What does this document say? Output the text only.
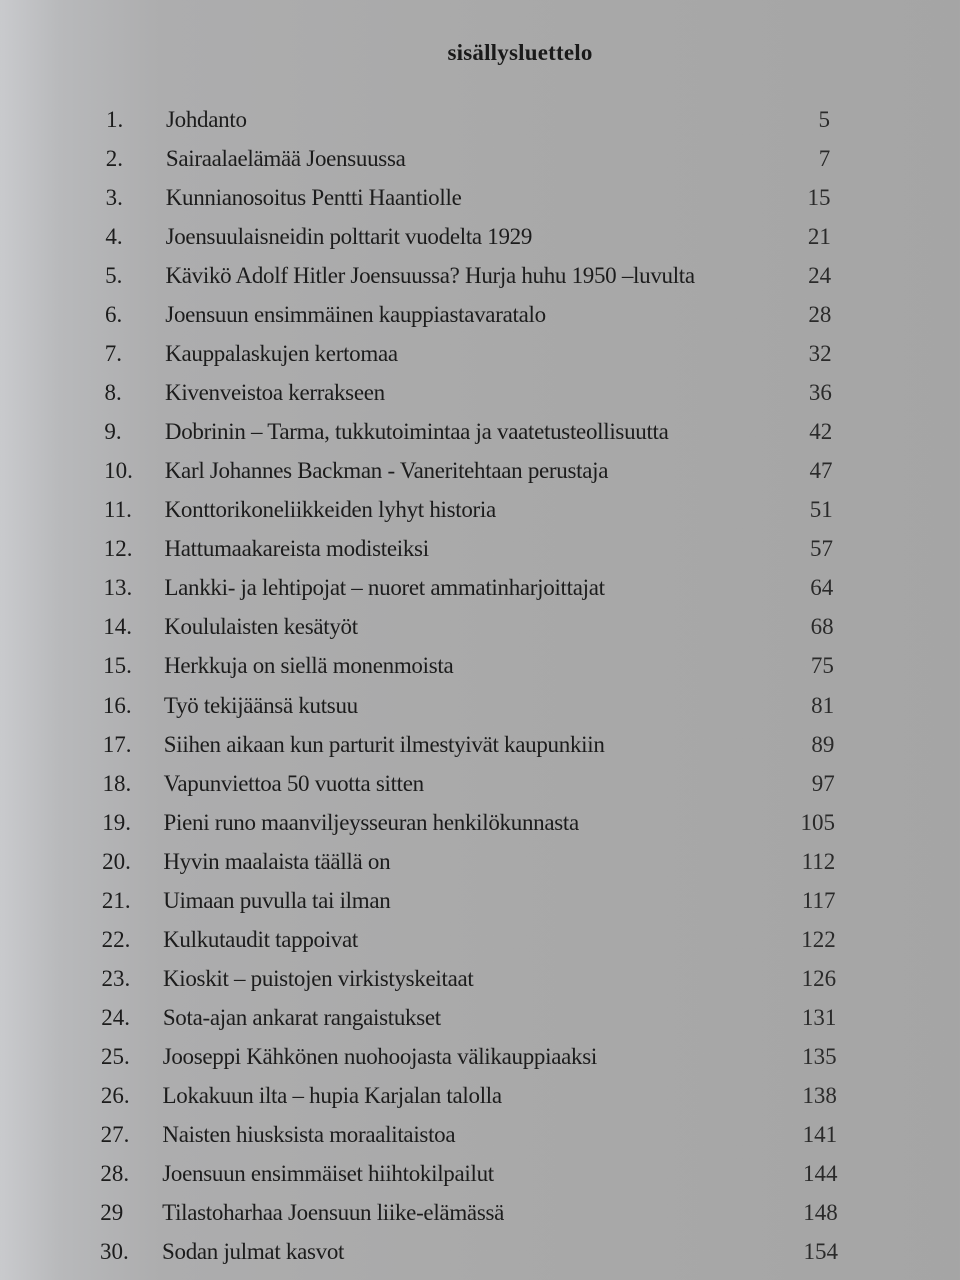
sisällysluettelo
1. Johdanto	5
2. Sairaalaelämää Joensuussa	7
3. Kunnianosoitus Pentti Haantiolle	15
4. Joensuulaisneidin polttarit vuodelta 1929	21
5. Kävikö Adolf Hitler Joensuussa? Hurja huhu 1950 –luvulta	24
6. Joensuun ensimmäinen kauppiastavaratalo	28
7. Kauppalaskujen kertomaa	32
8. Kivenveistoa kerrakseen	36
9. Dobrinin – Tarma, tukkutoimintaa ja vaatetusteollisuutta	42
10. Karl Johannes Backman - Vaneritehtaan perustaja	47
11. Konttorikoneliikkeiden lyhyt historia	51
12. Hattumaakareista modisteiksi	57
13. Lankki- ja lehtipojat – nuoret ammatinharjoittajat	64
14. Koululaisten kesätyöt	68
15. Herkkuja on siellä monenmoista	75
16. Työ tekijäänsä kutsuu	81
17. Siihen aikaan kun parturit ilmestyivät kaupunkiin	89
18. Vapunviettoa 50 vuotta sitten	97
19. Pieni runo maanviljeysseuran henkilökunnasta	105
20. Hyvin maalaista täällä on	112
21. Uimaan puvulla tai ilman	117
22. Kulkutaudit tappoivat	122
23. Kioskit – puistojen virkistyskeitaat	126
24. Sota-ajan ankarat rangaistukset	131
25. Jooseppi Kähkönen nuohoojasta välikauppiaaksi	135
26. Lokakuun ilta – hupia Karjalan talolla	138
27. Naisten hiusksista moraalitaistoa	141
28. Joensuun ensimmäiset hiihtokilpailut	144
29 Tilastoharhaa Joensuun liike-elämässä	148
30. Sodan julmat kasvot	154
